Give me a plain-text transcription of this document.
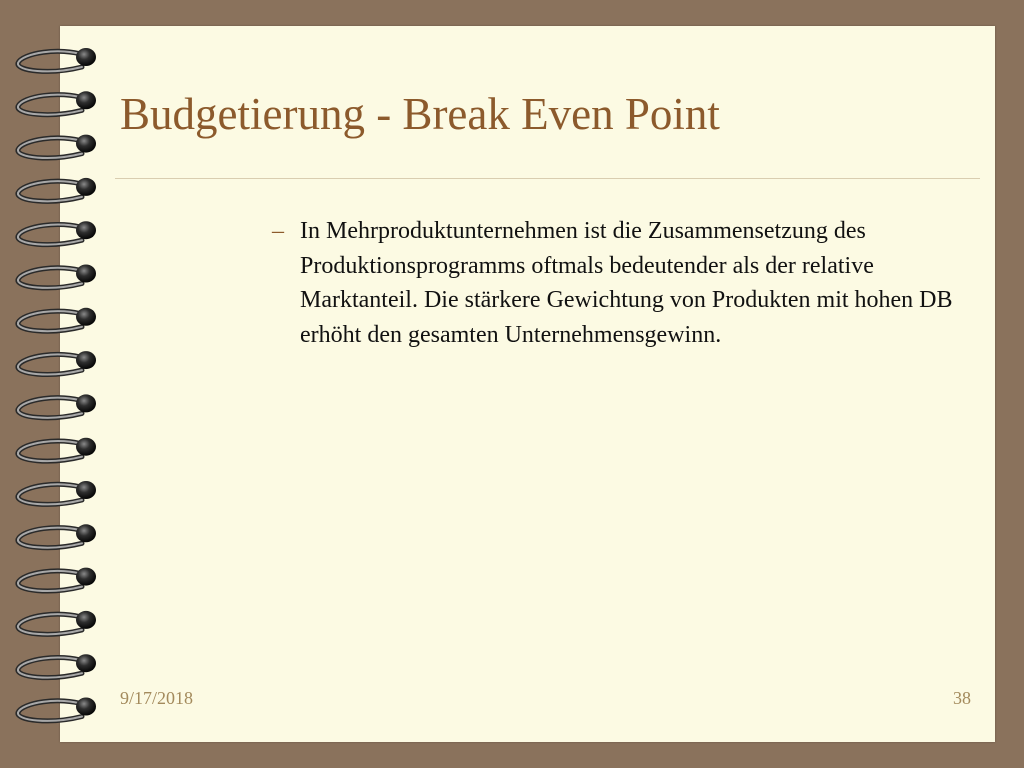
Budgetierung - Break Even Point
– In Mehrproduktunternehmen ist die Zusammensetzung des Produktionsprogramms oftmals bedeutender als der relative Marktanteil. Die stärkere Gewichtung von Produkten mit hohen DB erhöht den gesamten Unternehmensgewinn.
9/17/2018	38
